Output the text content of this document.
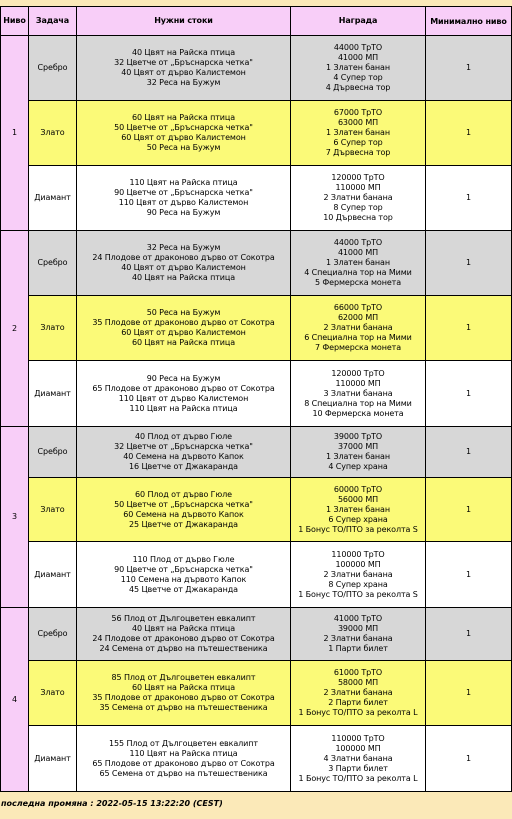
Ниво	Задача	Нужни стоки	Награда	Минимално ниво
1	Сребро	40 Цвят на Райска птица
32 Цветче от „Бръснарска четка"
40 Цвят от дърво Калистемон
32 Реса на Бужум	44000 ТрТО
41000 МП
1 Златен банан
4 Супер тор
4 Дървесна тор	1
	Злато	60 Цвят на Райска птица
50 Цветче от „Бръснарска четка"
60 Цвят от дърво Калистемон
50 Реса на Бужум	67000 ТрТО
63000 МП
1 Златен банан
6 Супер тор
7 Дървесна тор	1
	Диамант	110 Цвят на Райска птица
90 Цветче от „Бръснарска четка"
110 Цвят от дърво Калистемон
90 Реса на Бужум	120000 ТрТО
110000 МП
2 Златни банана
8 Супер тор
10 Дървесна тор	1
2	Сребро	32 Реса на Бужум
24 Плодове от драконово дърво от Сокотра
40 Цвят от дърво Калистемон
40 Цвят на Райска птица	44000 ТрТО
41000 МП
1 Златен банан
4 Специална тор на Мими
5 Фермерска монета	1
	Злато	50 Реса на Бужум
35 Плодове от драконово дърво от Сокотра
60 Цвят от дърво Калистемон
60 Цвят на Райска птица	66000 ТрТО
62000 МП
2 Златни банана
6 Специална тор на Мими
7 Фермерска монета	1
	Диамант	90 Реса на Бужум
65 Плодове от драконово дърво от Сокотра
110 Цвят от дърво Калистемон
110 Цвят на Райска птица	120000 ТрТО
110000 МП
3 Златни банана
8 Специална тор на Мими
10 Фермерска монета	1
3	Сребро	40 Плод от дърво Гюле
32 Цветче от „Бръснарска четка"
40 Семена на дървото Капок
16 Цветче от Джакаранда	39000 ТрТО
37000 МП
1 Златен банан
4 Супер храна	1
	Злато	60 Плод от дърво Гюле
50 Цветче от „Бръснарска четка"
60 Семена на дървото Капок
25 Цветче от Джакаранда	60000 ТрТО
56000 МП
1 Златен банан
6 Супер храна
1 Бонус ТО/ПТО за реколта S	1
	Диамант	110 Плод от дърво Гюле
90 Цветче от „Бръснарска четка"
110 Семена на дървото Капок
45 Цветче от Джакаранда	110000 ТрТО
100000 МП
2 Златни банана
8 Супер храна
1 Бонус ТО/ПТО за реколта S	1
4	Сребро	56 Плод от Дългоцветен евкалипт
40 Цвят на Райска птица
24 Плодове от драконово дърво от Сокотра
24 Семена от дърво на пътешественика	41000 ТрТО
39000 МП
2 Златни банана
1 Парти билет	1
	Злато	85 Плод от Дългоцветен евкалипт
60 Цвят на Райска птица
35 Плодове от драконово дърво от Сокотра
35 Семена от дърво на пътешественика	61000 ТрТО
58000 МП
2 Златни банана
2 Парти билет
1 Бонус ТО/ПТО за реколта L	1
	Диамант	155 Плод от Дългоцветен евкалипт
110 Цвят на Райска птица
65 Плодове от драконово дърво от Сокотра
65 Семена от дърво на пътешественика	110000 ТрТО
100000 МП
4 Златни банана
3 Парти билет
1 Бонус ТО/ПТО за реколта L	1
последна промяна : 2022-05-15 13:22:20 (CEST)
